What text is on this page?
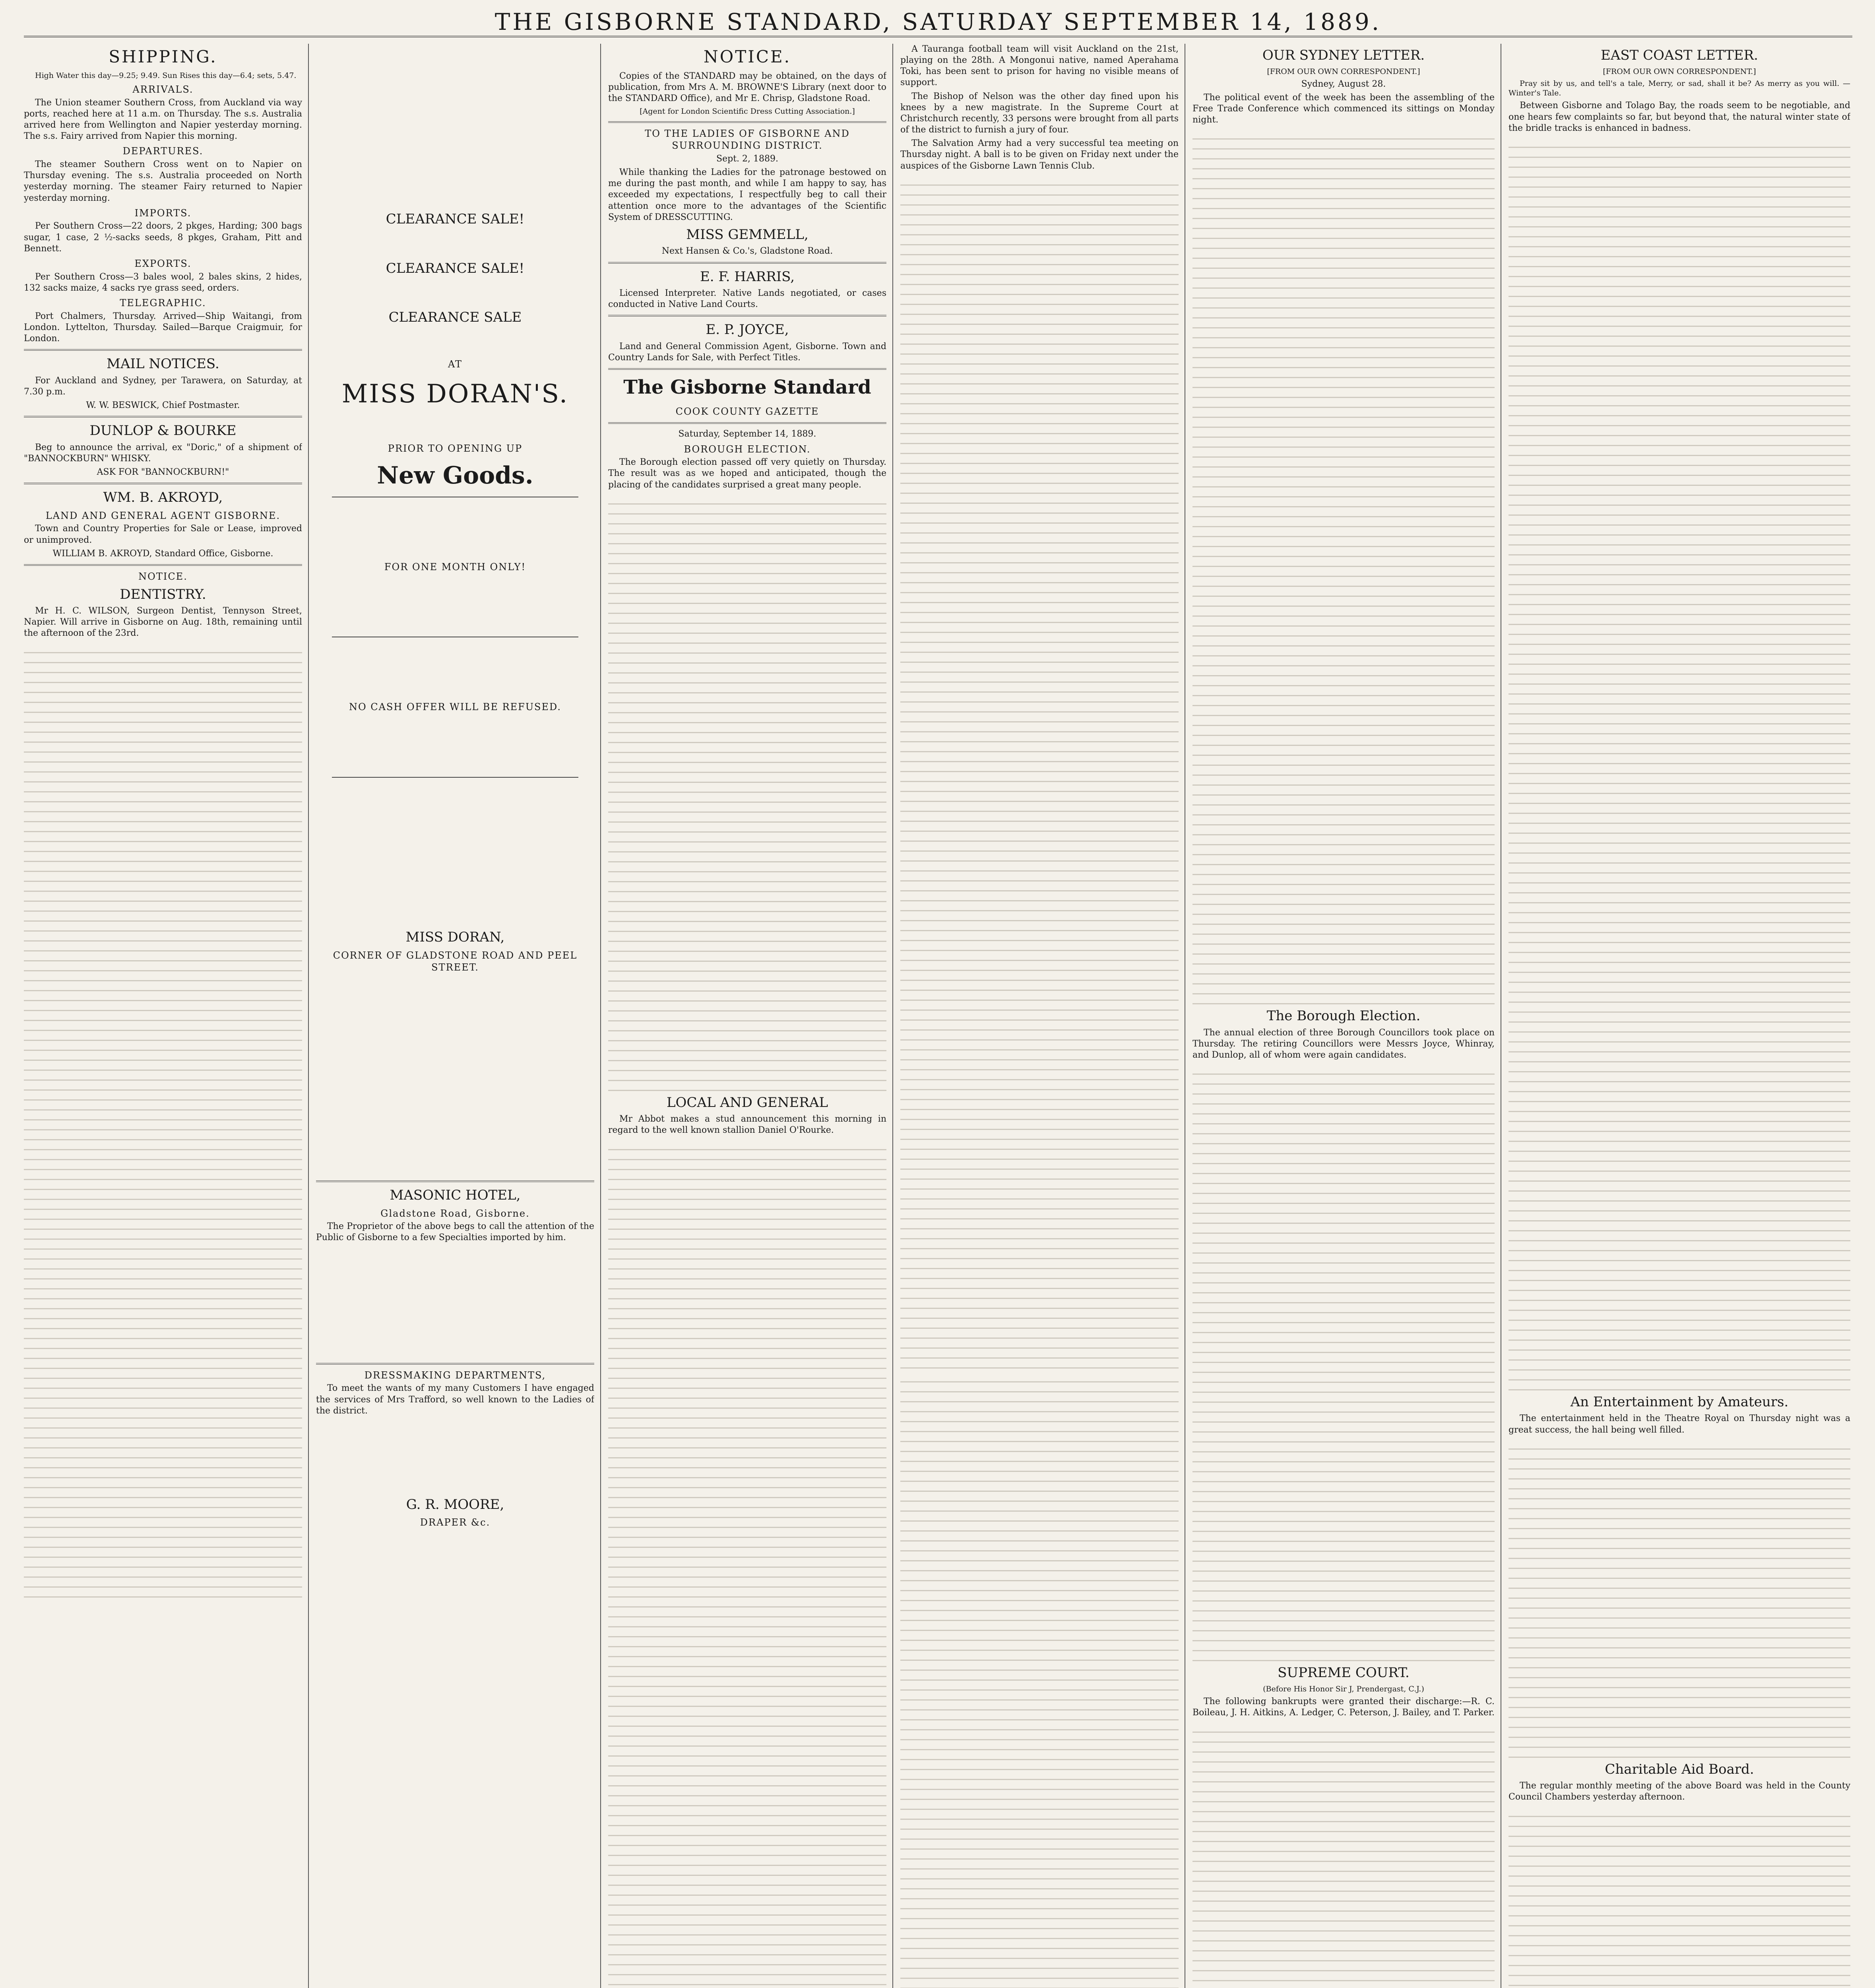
THE GISBORNE STANDARD, SATURDAY SEPTEMBER 14, 1889.
SHIPPING.

High Water this day—9.25; 9.49. Sun Rises this day—6.4; sets, 5.47.

ARRIVALS.

The Union steamer Southern Cross, from Auckland via way ports, reached here at 11 a.m. on Thursday. The s.s. Australia arrived here from Wellington and Napier yesterday morning. The s.s. Fairy arrived from Napier this morning.

DEPARTURES.

The steamer Southern Cross went on to Napier on Thursday evening. The s.s. Australia proceeded on North yesterday morning. The steamer Fairy returned to Napier yesterday morning.

IMPORTS.

Per Southern Cross—22 doors, 2 pkges, Harding; 300 bags sugar, 1 case, 2 ½-sacks seeds, 8 pkges, Graham, Pitt and Bennett.

EXPORTS.

Per Southern Cross—3 bales wool, 2 bales skins, 2 hides, 132 sacks maize, 4 sacks rye grass seed, orders.

TELEGRAPHIC.

Port Chalmers, Thursday. Arrived—Ship Waitangi, from London. Lyttelton, Thursday. Sailed—Barque Craigmuir, for London.

MAIL NOTICES.

For Auckland and Sydney, per Tarawera, on Saturday, at 7.30 p.m.

W. W. BESWICK, Chief Postmaster.

DUNLOP & BOURKE

Beg to announce the arrival, ex "Doric," of a shipment of "BANNOCKBURN" WHISKY.

ASK FOR "BANNOCKBURN!"

WM. B. AKROYD,
LAND AND GENERAL AGENT GISBORNE.

Town and Country Properties for Sale or Lease, improved or unimproved.

WILLIAM B. AKROYD, Standard Office, Gisborne.

NOTICE.
DENTISTRY.

Mr H. C. WILSON, Surgeon Dentist, Tennyson Street, Napier. Will arrive in Gisborne on Aug. 18th, remaining until the afternoon of the 23rd.

CLEARANCE SALE!
CLEARANCE SALE!
CLEARANCE SALE
AT
MISS DORAN'S.
PRIOR TO OPENING UP
New Goods.
FOR ONE MONTH ONLY!
NO CASH OFFER WILL BE REFUSED.
MISS DORAN,
CORNER OF GLADSTONE ROAD AND PEEL STREET.
MASONIC HOTEL,
Gladstone Road, Gisborne.

The Proprietor of the above begs to call the attention of the Public of Gisborne to a few Specialties imported by him.

DRESSMAKING DEPARTMENTS,

To meet the wants of my many Customers I have engaged the services of Mrs Trafford, so well known to the Ladies of the district.

G. R. MOORE,
DRAPER &c.
NOTICE.

Copies of the STANDARD may be obtained, on the days of publication, from Mrs A. M. BROWNE'S Library (next door to the STANDARD Office), and Mr E. Chrisp, Gladstone Road.

[Agent for London Scientific Dress Cutting Association.]

TO THE LADIES OF GISBORNE AND SURROUNDING DISTRICT.

Sept. 2, 1889.

While thanking the Ladies for the patronage bestowed on me during the past month, and while I am happy to say, has exceeded my expectations, I respectfully beg to call their attention once more to the advantages of the Scientific System of DRESSCUTTING.

MISS GEMMELL,

Next Hansen & Co.'s, Gladstone Road.

E. F. HARRIS,

Licensed Interpreter. Native Lands negotiated, or cases conducted in Native Land Courts.

E. P. JOYCE,

Land and General Commission Agent, Gisborne. Town and Country Lands for Sale, with Perfect Titles.

The Gisborne Standard
COOK COUNTY GAZETTE

Saturday, September 14, 1889.

BOROUGH ELECTION.

The Borough election passed off very quietly on Thursday. The result was as we hoped and anticipated, though the placing of the candidates surprised a great many people.

LOCAL AND GENERAL

Mr Abbot makes a stud announcement this morning in regard to the well known stallion Daniel O'Rourke.

A Tauranga football team will visit Auckland on the 21st, playing on the 28th. A Mongonui native, named Aperahama Toki, has been sent to prison for having no visible means of support.

The Bishop of Nelson was the other day fined upon his knees by a new magistrate. In the Supreme Court at Christchurch recently, 33 persons were brought from all parts of the district to furnish a jury of four.

The Salvation Army had a very successful tea meeting on Thursday night. A ball is to be given on Friday next under the auspices of the Gisborne Lawn Tennis Club.

OUR SYDNEY LETTER.

[FROM OUR OWN CORRESPONDENT.]

Sydney, August 28.

The political event of the week has been the assembling of the Free Trade Conference which commenced its sittings on Monday night.

The Borough Election.

The annual election of three Borough Councillors took place on Thursday. The retiring Councillors were Messrs Joyce, Whinray, and Dunlop, all of whom were again candidates.

SUPREME COURT.

(Before His Honor Sir J, Prendergast, C.J.)

The following bankrupts were granted their discharge:—R. C. Boileau, J. H. Aitkins, A. Ledger, C. Peterson, J. Bailey, and T. Parker.

EAST COAST LETTER.

[FROM OUR OWN CORRESPONDENT.]

Pray sit by us, and tell's a tale, Merry, or sad, shall it be? As merry as you will. —Winter's Tale.

Between Gisborne and Tolago Bay, the roads seem to be negotiable, and one hears few complaints so far, but beyond that, the natural winter state of the bridle tracks is enhanced in badness.

An Entertainment by Amateurs.

The entertainment held in the Theatre Royal on Thursday night was a great success, the hall being well filled.

Charitable Aid Board.

The regular monthly meeting of the above Board was held in the County Council Chambers yesterday afternoon.
